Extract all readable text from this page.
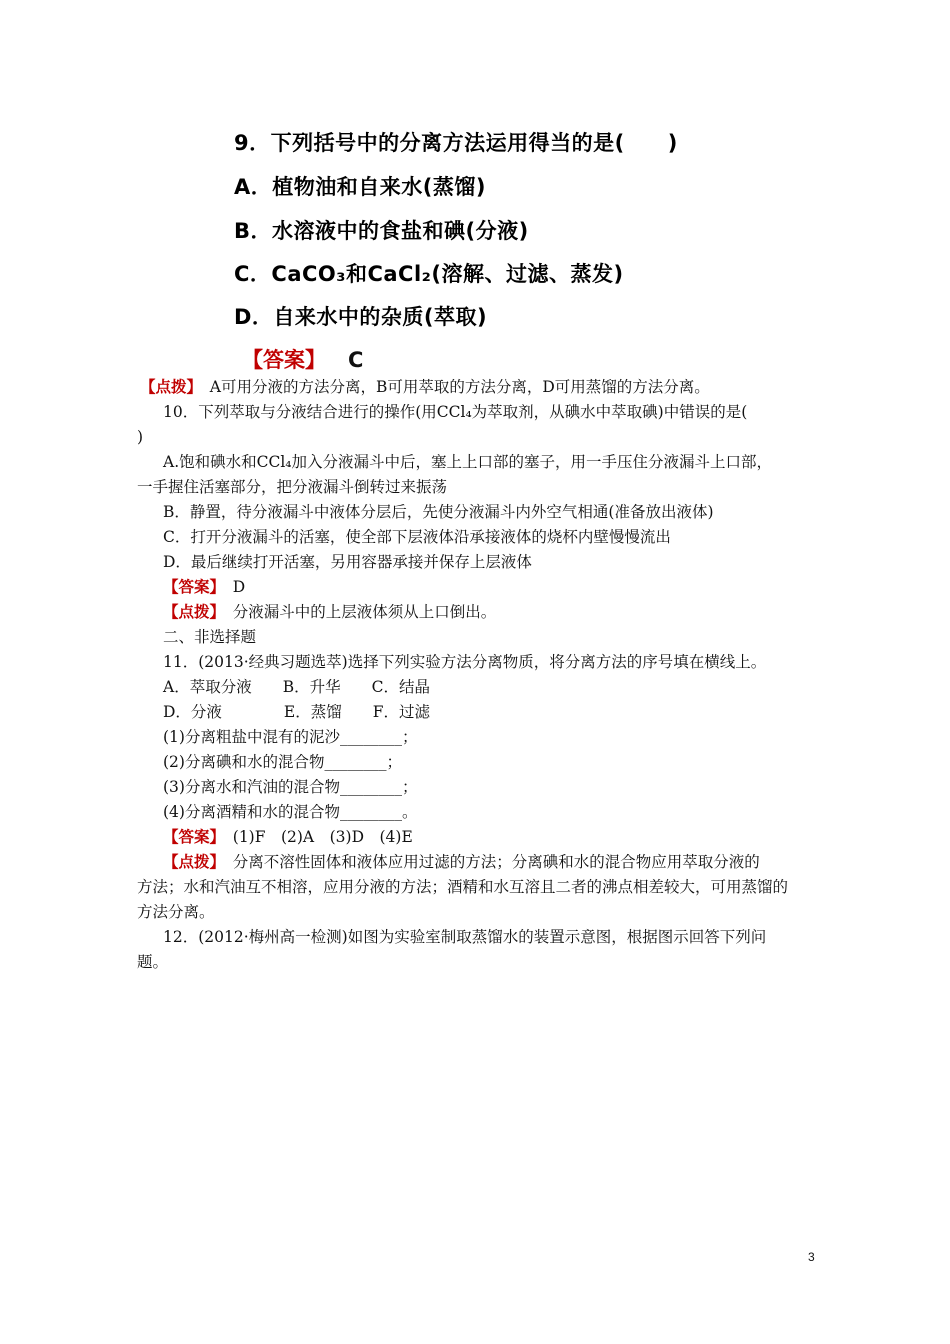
9．下列括号中的分离方法运用得当的是(　　)
A．植物油和自来水(蒸馏)
B．水溶液中的食盐和碘(分液)
C．CaCO₃和CaCl₂(溶解、过滤、蒸发)
D．自来水中的杂质(萃取)
【答案】 C
【点拨】　A可用分液的方法分离，B可用萃取的方法分离，D可用蒸馏的方法分离。
10．下列萃取与分液结合进行的操作(用CCl₄为萃取剂，从碘水中萃取碘)中错误的是(
)
A.饱和碘水和CCl₄加入分液漏斗中后，塞上上口部的塞子，用一手压住分液漏斗上口部，
一手握住活塞部分，把分液漏斗倒转过来振荡
B．静置，待分液漏斗中液体分层后，先使分液漏斗内外空气相通(准备放出液体)
C．打开分液漏斗的活塞，使全部下层液体沿承接液体的烧杯内壁慢慢流出
D．最后继续打开活塞，另用容器承接并保存上层液体
【答案】　D
【点拨】　分液漏斗中的上层液体须从上口倒出。
二、非选择题
11．(2013·经典习题选萃)选择下列实验方法分离物质，将分离方法的序号填在横线上。
A．萃取分液　　B．升华　　C．结晶
D．分液　　　　E．蒸馏　　F．过滤
(1)分离粗盐中混有的泥沙________；
(2)分离碘和水的混合物________；
(3)分离水和汽油的混合物________；
(4)分离酒精和水的混合物________。
【答案】　(1)F　(2)A　(3)D　(4)E
【点拨】　分离不溶性固体和液体应用过滤的方法；分离碘和水的混合物应用萃取分液的
方法；水和汽油互不相溶，应用分液的方法；酒精和水互溶且二者的沸点相差较大，可用蒸馏的
方法分离。
12．(2012·梅州高一检测)如图为实验室制取蒸馏水的装置示意图，根据图示回答下列问
题。
3
